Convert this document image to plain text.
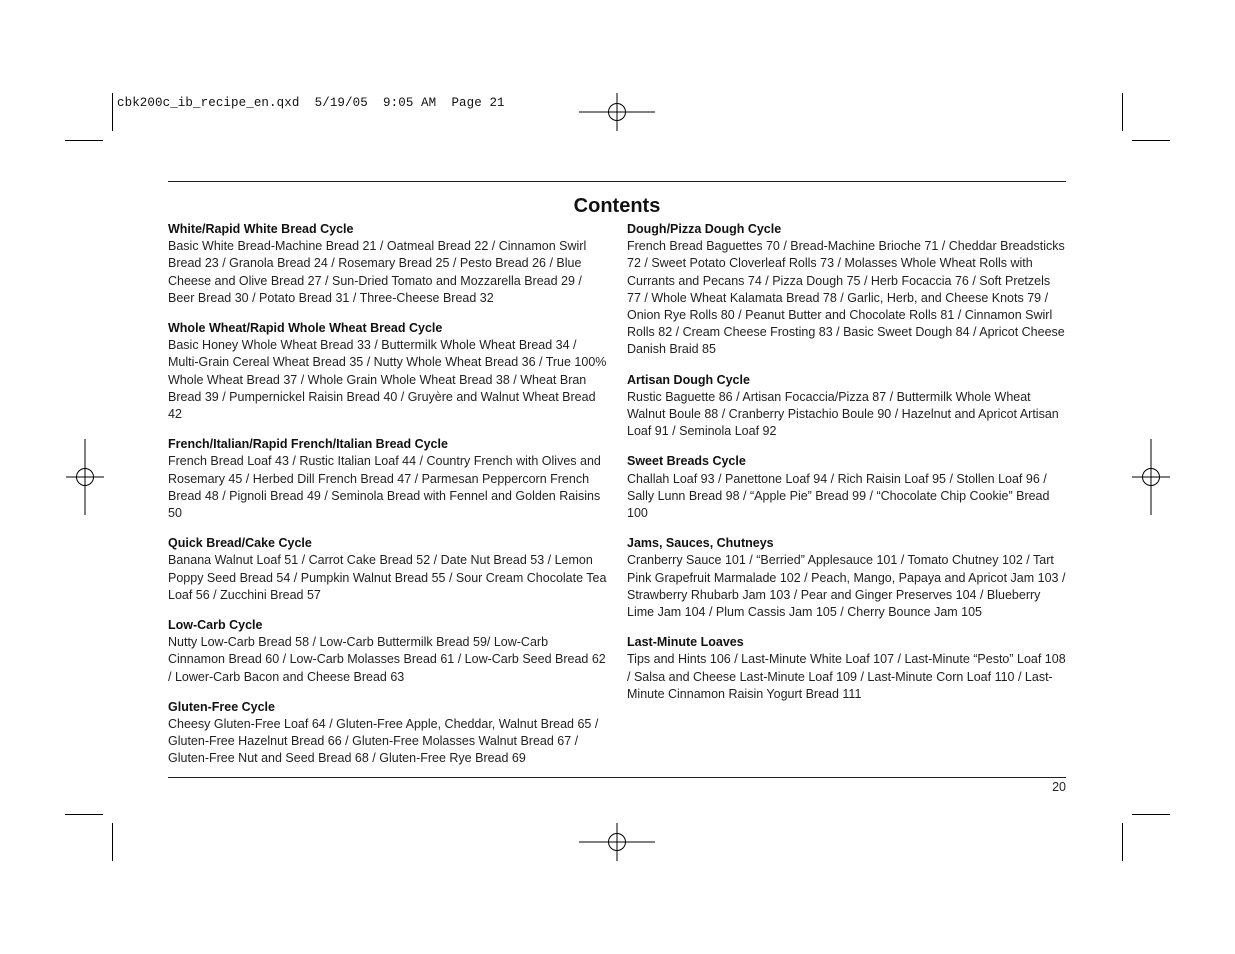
cbk200c_ib_recipe_en.qxd  5/19/05  9:05 AM  Page 21
Contents
White/Rapid White Bread Cycle

Basic White Bread-Machine Bread 21 / Oatmeal Bread 22 / Cinnamon Swirl Bread 23 / Granola Bread 24 / Rosemary Bread 25 / Pesto Bread 26 / Blue Cheese and Olive Bread 27 / Sun-Dried Tomato and Mozzarella Bread 29 / Beer Bread 30 / Potato Bread 31 / Three-Cheese Bread 32

Whole Wheat/Rapid Whole Wheat Bread Cycle

Basic Honey Whole Wheat Bread 33 / Buttermilk Whole Wheat Bread 34 / Multi-Grain Cereal Wheat Bread 35 / Nutty Whole Wheat Bread 36 / True 100% Whole Wheat Bread 37 / Whole Grain Whole Wheat Bread 38 / Wheat Bran Bread 39 / Pumpernickel Raisin Bread 40 / Gruyère and Walnut Wheat Bread 42

French/Italian/Rapid French/Italian Bread Cycle

French Bread Loaf 43 / Rustic Italian Loaf 44 / Country French with Olives and Rosemary 45 / Herbed Dill French Bread 47 / Parmesan Peppercorn French Bread 48 / Pignoli Bread 49 / Seminola Bread with Fennel and Golden Raisins 50

Quick Bread/Cake Cycle

Banana Walnut Loaf 51 / Carrot Cake Bread 52 / Date Nut Bread 53 / Lemon Poppy Seed Bread 54 / Pumpkin Walnut Bread 55 / Sour Cream Chocolate Tea Loaf 56 / Zucchini Bread 57

Low-Carb Cycle

Nutty Low-Carb Bread 58 / Low-Carb Buttermilk Bread 59/ Low-Carb Cinnamon Bread 60 / Low-Carb Molasses Bread 61 / Low-Carb Seed Bread 62 / Lower-Carb Bacon and Cheese Bread 63

Gluten-Free Cycle

Cheesy Gluten-Free Loaf 64 / Gluten-Free Apple, Cheddar, Walnut Bread 65 / Gluten-Free Hazelnut Bread 66 / Gluten-Free Molasses Walnut Bread 67 / Gluten-Free Nut and Seed Bread 68 / Gluten-Free Rye Bread 69

Dough/Pizza Dough Cycle

French Bread Baguettes 70 / Bread-Machine Brioche 71 / Cheddar Breadsticks 72 / Sweet Potato Cloverleaf Rolls 73 / Molasses Whole Wheat Rolls with Currants and Pecans 74 / Pizza Dough 75 / Herb Focaccia 76 / Soft Pretzels 77 / Whole Wheat Kalamata Bread 78 / Garlic, Herb, and Cheese Knots 79 / Onion Rye Rolls 80 / Peanut Butter and Chocolate Rolls 81 / Cinnamon Swirl Rolls 82 / Cream Cheese Frosting 83 / Basic Sweet Dough 84 / Apricot Cheese Danish Braid 85

Artisan Dough Cycle

Rustic Baguette 86 / Artisan Focaccia/Pizza 87 / Buttermilk Whole Wheat Walnut Boule 88 / Cranberry Pistachio Boule 90 / Hazelnut and Apricot Artisan Loaf 91 / Seminola Loaf 92

Sweet Breads Cycle

Challah Loaf 93 / Panettone Loaf 94 / Rich Raisin Loaf 95 / Stollen Loaf 96 / Sally Lunn Bread 98 / “Apple Pie” Bread 99 / “Chocolate Chip Cookie” Bread 100

Jams, Sauces, Chutneys

Cranberry Sauce 101 / “Berried” Applesauce 101 / Tomato Chutney 102 / Tart Pink Grapefruit Marmalade 102 / Peach, Mango, Papaya and Apricot Jam 103 / Strawberry Rhubarb Jam 103 / Pear and Ginger Preserves 104 / Blueberry Lime Jam 104 / Plum Cassis Jam 105 / Cherry Bounce Jam 105

Last-Minute Loaves

Tips and Hints 106 / Last-Minute White Loaf 107 / Last-Minute “Pesto” Loaf 108 / Salsa and Cheese Last-Minute Loaf 109 / Last-Minute Corn Loaf 110 / Last-Minute Cinnamon Raisin Yogurt Bread 111

20
